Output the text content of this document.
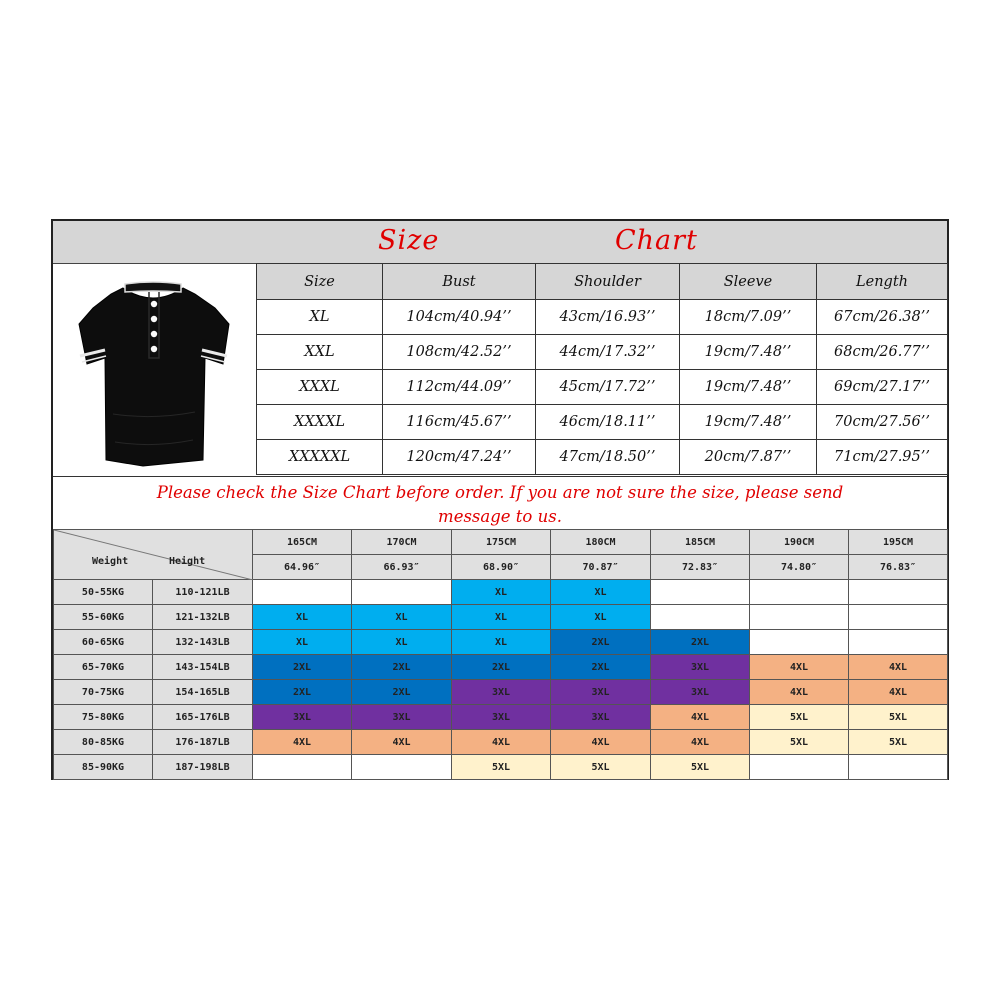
Size	Chart
Size	Bust	Shoulder	Sleeve	Length
XL	104cm/40.94’’	43cm/16.93’’	18cm/7.09’’	67cm/26.38’’
XXL	108cm/42.52’’	44cm/17.32’’	19cm/7.48’’	68cm/26.77’’
XXXL	112cm/44.09’’	45cm/17.72’’	19cm/7.48’’	69cm/27.17’’
XXXXL	116cm/45.67’’	46cm/18.11’’	19cm/7.48’’	70cm/27.56’’
XXXXXL	120cm/47.24’’	47cm/18.50’’	20cm/7.87’’	71cm/27.95’’
Please check the Size Chart before order. If you are not sure the size, please send
message to us.
Weight Height		165CM	170CM	175CM	180CM	185CM	190CM	195CM
		64.96″	66.93″	68.90″	70.87″	72.83″	74.80″	76.83″
50-55KG	110-121LB			XL	XL			
55-60KG	121-132LB	XL	XL	XL	XL			
60-65KG	132-143LB	XL	XL	XL	2XL	2XL		
65-70KG	143-154LB	2XL	2XL	2XL	2XL	3XL	4XL	4XL
70-75KG	154-165LB	2XL	2XL	3XL	3XL	3XL	4XL	4XL
75-80KG	165-176LB	3XL	3XL	3XL	3XL	4XL	5XL	5XL
80-85KG	176-187LB	4XL	4XL	4XL	4XL	4XL	5XL	5XL
85-90KG	187-198LB			5XL	5XL	5XL		
